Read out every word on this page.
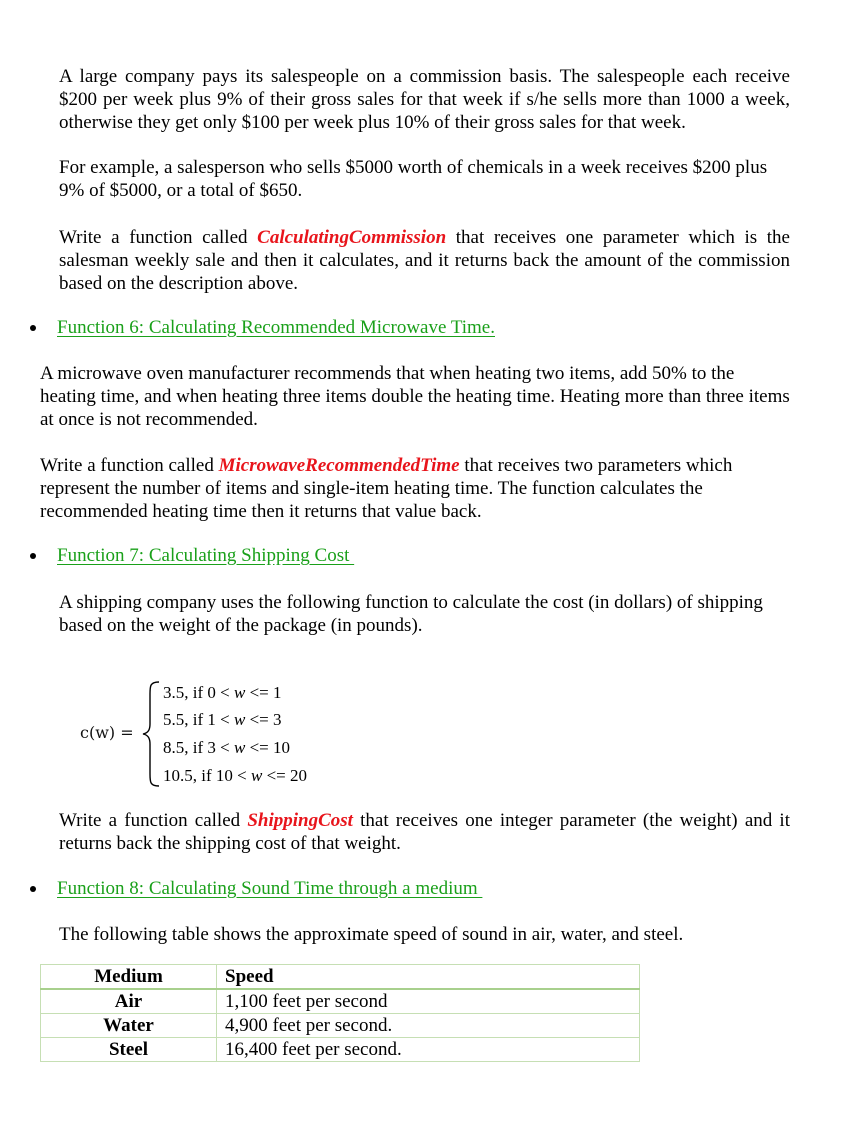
A large company pays its salespeople on a commission basis. The salespeople each receive $200 per week plus 9% of their gross sales for that week if s/he sells more than 1000 a week, otherwise they get only $100 per week plus 10% of their gross sales for that week.

For example, a salesperson who sells $5000 worth of chemicals in a week receives $200 plus 9% of $5000, or a total of $650.

Write a function called CalculatingCommission that receives one parameter which is the salesman weekly sale and then it calculates, and it returns back the amount of the commission based on the description above.

Function 6: Calculating Recommended Microwave Time.

A microwave oven manufacturer recommends that when heating two items, add 50% to the heating time, and when heating three items double the heating time. Heating more than three items at once is not recommended.

Write a function called MicrowaveRecommendedTime that receives two parameters which represent the number of items and single-item heating time. The function calculates the recommended heating time then it returns that value back.

Function 7: Calculating Shipping Cost

A shipping company uses the following function to calculate the cost (in dollars) of shipping based on the weight of the package (in pounds).

c(w) =
3.5, if 0 < w <= 1
5.5, if 1 < w <= 3
8.5, if 3 < w <= 10
10.5, if 10 < w <= 20

Write a function called ShippingCost that receives one integer parameter (the weight) and it returns back the shipping cost of that weight.

Function 8: Calculating Sound Time through a medium

The following table shows the approximate speed of sound in air, water, and steel.

Medium	Speed
Air	1,100 feet per second
Water	4,900 feet per second.
Steel	16,400 feet per second.
